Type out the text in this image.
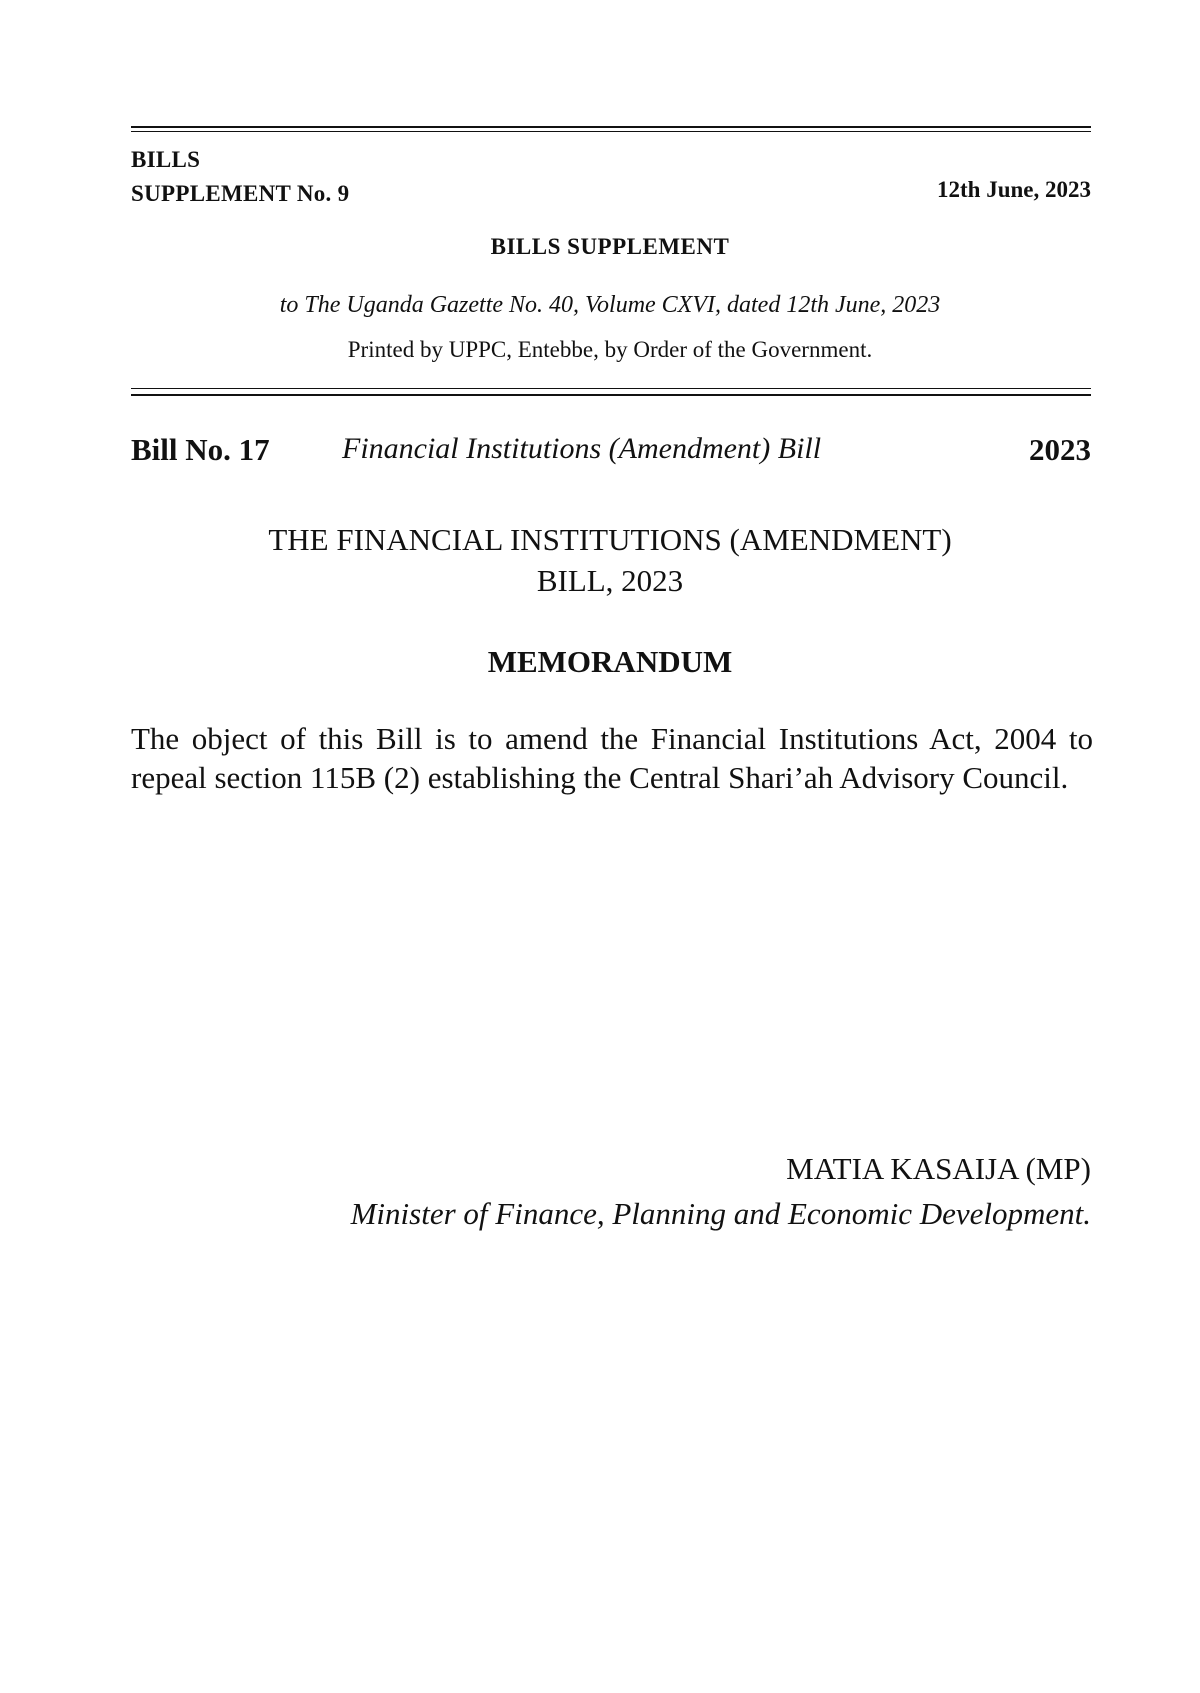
BILLS
SUPPLEMENT No. 9	12th June, 2023
BILLS SUPPLEMENT
to The Uganda Gazette No. 40, Volume CXVI, dated 12th June, 2023
Printed by UPPC, Entebbe, by Order of the Government.
Bill No. 17 Financial Institutions (Amendment) Bill	2023
THE FINANCIAL INSTITUTIONS (AMENDMENT)
BILL, 2023
MEMORANDUM
The object of this Bill is to amend the Financial Institutions Act, 2004 to repeal section 115B (2) establishing the Central Shari’ah Advisory Council.
MATIA KASAIJA (MP)
Minister of Finance, Planning and Economic Development.
